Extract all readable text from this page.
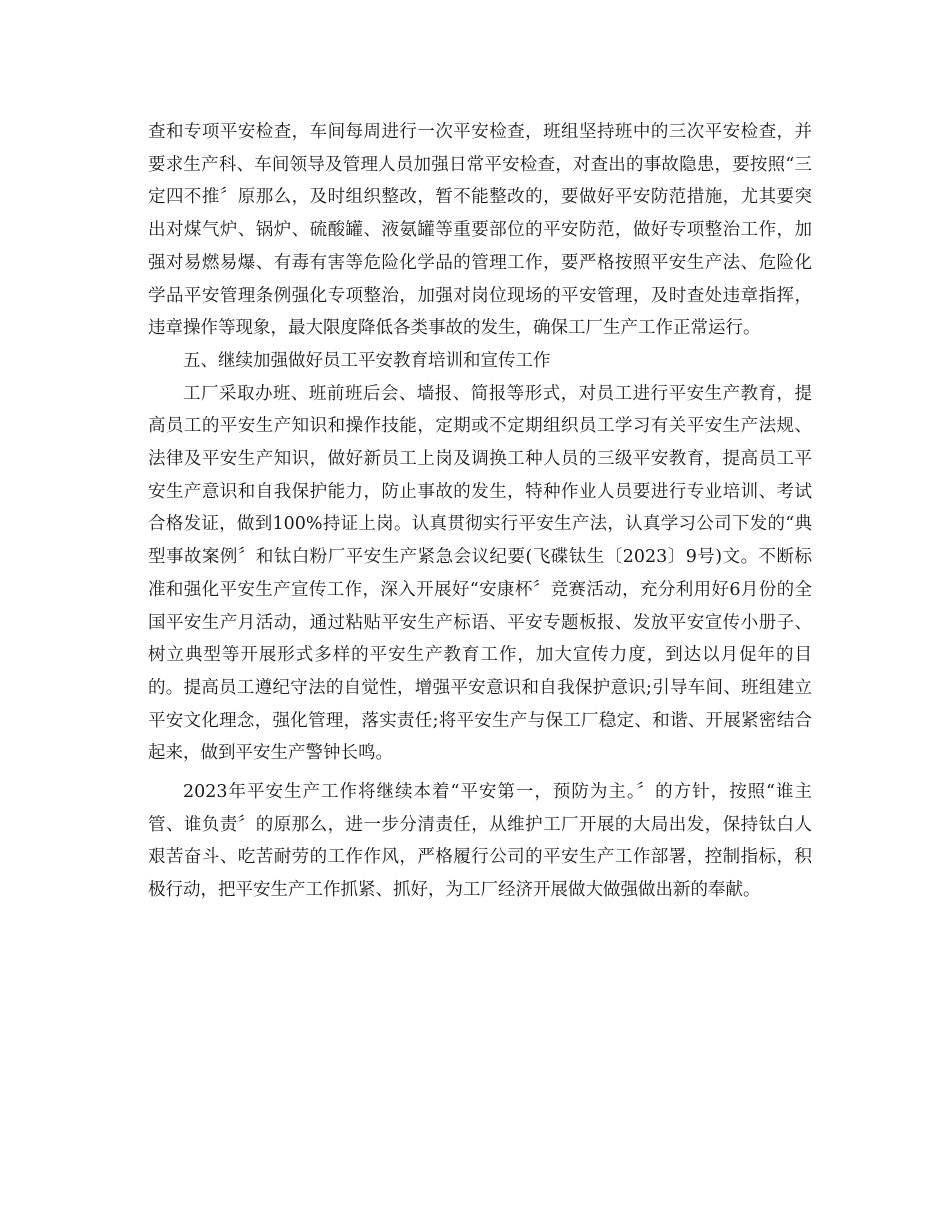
查和专项平安检查，车间每周进行一次平安检查，班组坚持班中的三次平安检查，并要求生产科、车间领导及管理人员加强日常平安检查，对查出的事故隐患，要按照“三定四不推〞原那么，及时组织整改，暂不能整改的，要做好平安防范措施，尤其要突出对煤气炉、锅炉、硫酸罐、液氨罐等重要部位的平安防范，做好专项整治工作，加强对易燃易爆、有毒有害等危险化学品的管理工作，要严格按照平安生产法、危险化学品平安管理条例强化专项整治，加强对岗位现场的平安管理，及时查处违章指挥，违章操作等现象，最大限度降低各类事故的发生，确保工厂生产工作正常运行。

五、继续加强做好员工平安教育培训和宣传工作

工厂采取办班、班前班后会、墙报、简报等形式，对员工进行平安生产教育，提高员工的平安生产知识和操作技能，定期或不定期组织员工学习有关平安生产法规、法律及平安生产知识，做好新员工上岗及调换工种人员的三级平安教育，提高员工平安生产意识和自我保护能力，防止事故的发生，特种作业人员要进行专业培训、考试合格发证，做到100%持证上岗。认真贯彻实行平安生产法，认真学习公司下发的“典型事故案例〞和钛白粉厂平安生产紧急会议纪要(飞碟钛生〔2023〕9号)文。不断标准和强化平安生产宣传工作，深入开展好“安康杯〞竞赛活动，充分利用好6月份的全国平安生产月活动，通过粘贴平安生产标语、平安专题板报、发放平安宣传小册子、树立典型等开展形式多样的平安生产教育工作，加大宣传力度，到达以月促年的目的。提高员工遵纪守法的自觉性，增强平安意识和自我保护意识;引导车间、班组建立平安文化理念，强化管理，落实责任;将平安生产与保工厂稳定、和谐、开展紧密结合起来，做到平安生产警钟长鸣。

2023年平安生产工作将继续本着“平安第一，预防为主。〞的方针，按照“谁主管、谁负责〞的原那么，进一步分清责任，从维护工厂开展的大局出发，保持钛白人艰苦奋斗、吃苦耐劳的工作作风，严格履行公司的平安生产工作部署，控制指标，积极行动，把平安生产工作抓紧、抓好，为工厂经济开展做大做强做出新的奉献。
